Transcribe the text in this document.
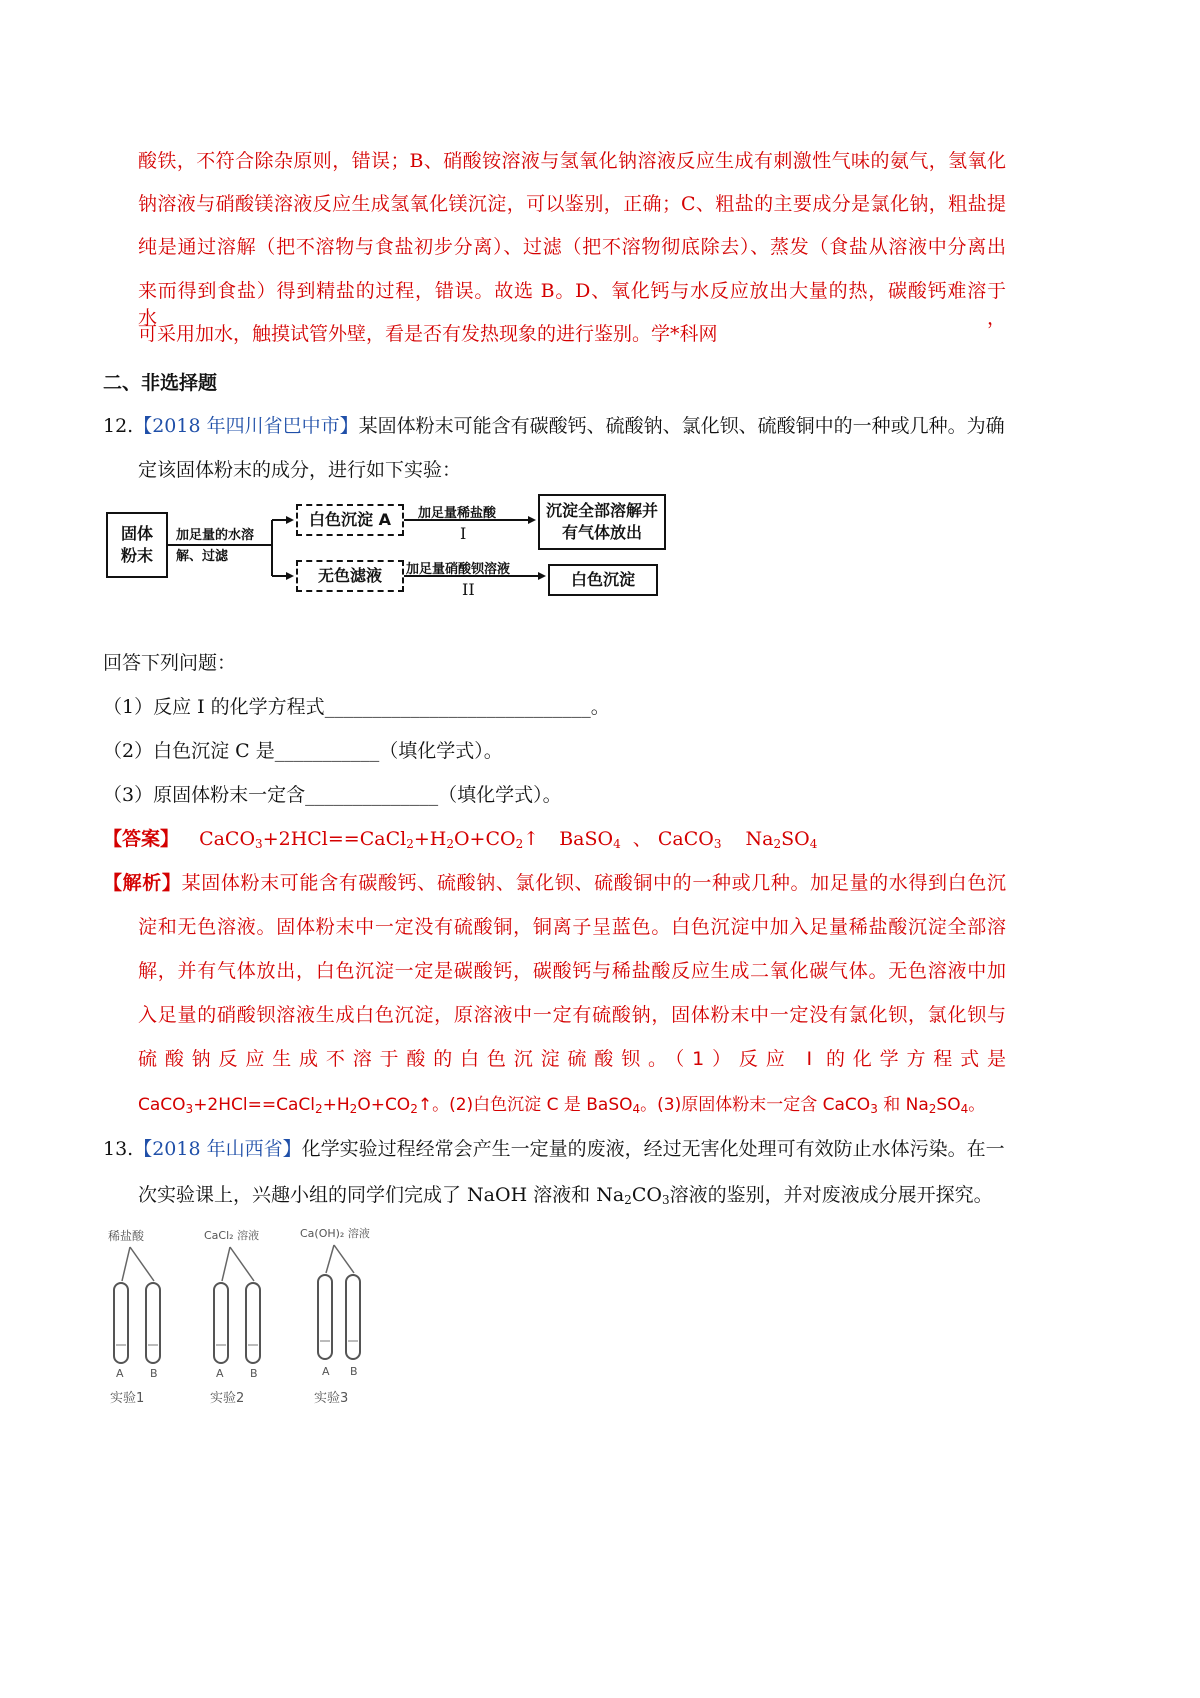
酸铁，不符合除杂原则，错误；B、硝酸铵溶液与氢氧化钠溶液反应生成有刺激性气味的氨气，氢氧化
钠溶液与硝酸镁溶液反应生成氢氧化镁沉淀，可以鉴别，正确；C、粗盐的主要成分是氯化钠，粗盐提
纯是通过溶解（把不溶物与食盐初步分离）、过滤（把不溶物彻底除去）、蒸发（食盐从溶液中分离出
来而得到食盐）得到精盐的过程，错误。故选 B。D、氧化钙与水反应放出大量的热，碳酸钙难溶于水，
可采用加水，触摸试管外壁，看是否有发热现象的进行鉴别。学*科网
二、非选择题
12.【2018 年四川省巴中市】某固体粉末可能含有碳酸钙、硫酸钠、氯化钡、硫酸铜中的一种或几种。为确
定该固体粉末的成分，进行如下实验：
固体粉末
加足量的水溶解、过滤
白色沉淀 A 加足量稀盐酸
I
沉淀全部溶解并有气体放出
无色滤液 加足量硝酸钡溶液
II
白色沉淀
回答下列问题：
（1）反应 I 的化学方程式____________________________。
（2）白色沉淀 C 是___________（填化学式）。
（3）原固体粉末一定含______________（填化学式）。
【答案】 $CaCO_3+2HCl==CaCl_2+H_2O+CO_2↑$ BaSO$_4$ 、 CaCO$_3$ $Na_2SO_4$
【解析】某固体粉末可能含有碳酸钙、硫酸钠、氯化钡、硫酸铜中的一种或几种。加足量的水得到白色沉
淀和无色溶液。固体粉末中一定没有硫酸铜，铜离子呈蓝色。白色沉淀中加入足量稀盐酸沉淀全部溶
解，并有气体放出，白色沉淀一定是碳酸钙，碳酸钙与稀盐酸反应生成二氧化碳气体。无色溶液中加
入足量的硝酸钡溶液生成白色沉淀，原溶液中一定有硫酸钠，固体粉末中一定没有氯化钡，氯化钡与
硫酸钠反应生成不溶于酸的白色沉淀硫酸钡。（1）反应 I 的化学方程式是
$CaCO_3+2HCl==CaCl_2+H_2O+CO_2↑$。(2)白色沉淀 C 是 BaSO$_4$。(3)原固体粉末一定含 CaCO$_3$ 和 $Na_2SO_4$。
13.【2018 年山西省】化学实验过程经常会产生一定量的废液，经过无害化处理可有效防止水体污染。在一
次实验课上，兴趣小组的同学们完成了 NaOH 溶液和 $Na_2CO_3$溶液的鉴别，并对废液成分展开探究。
稀盐酸
A B
实验1
CaCl₂ 溶液
A B
实验2
Ca(OH)₂ 溶液
A B
实验3
